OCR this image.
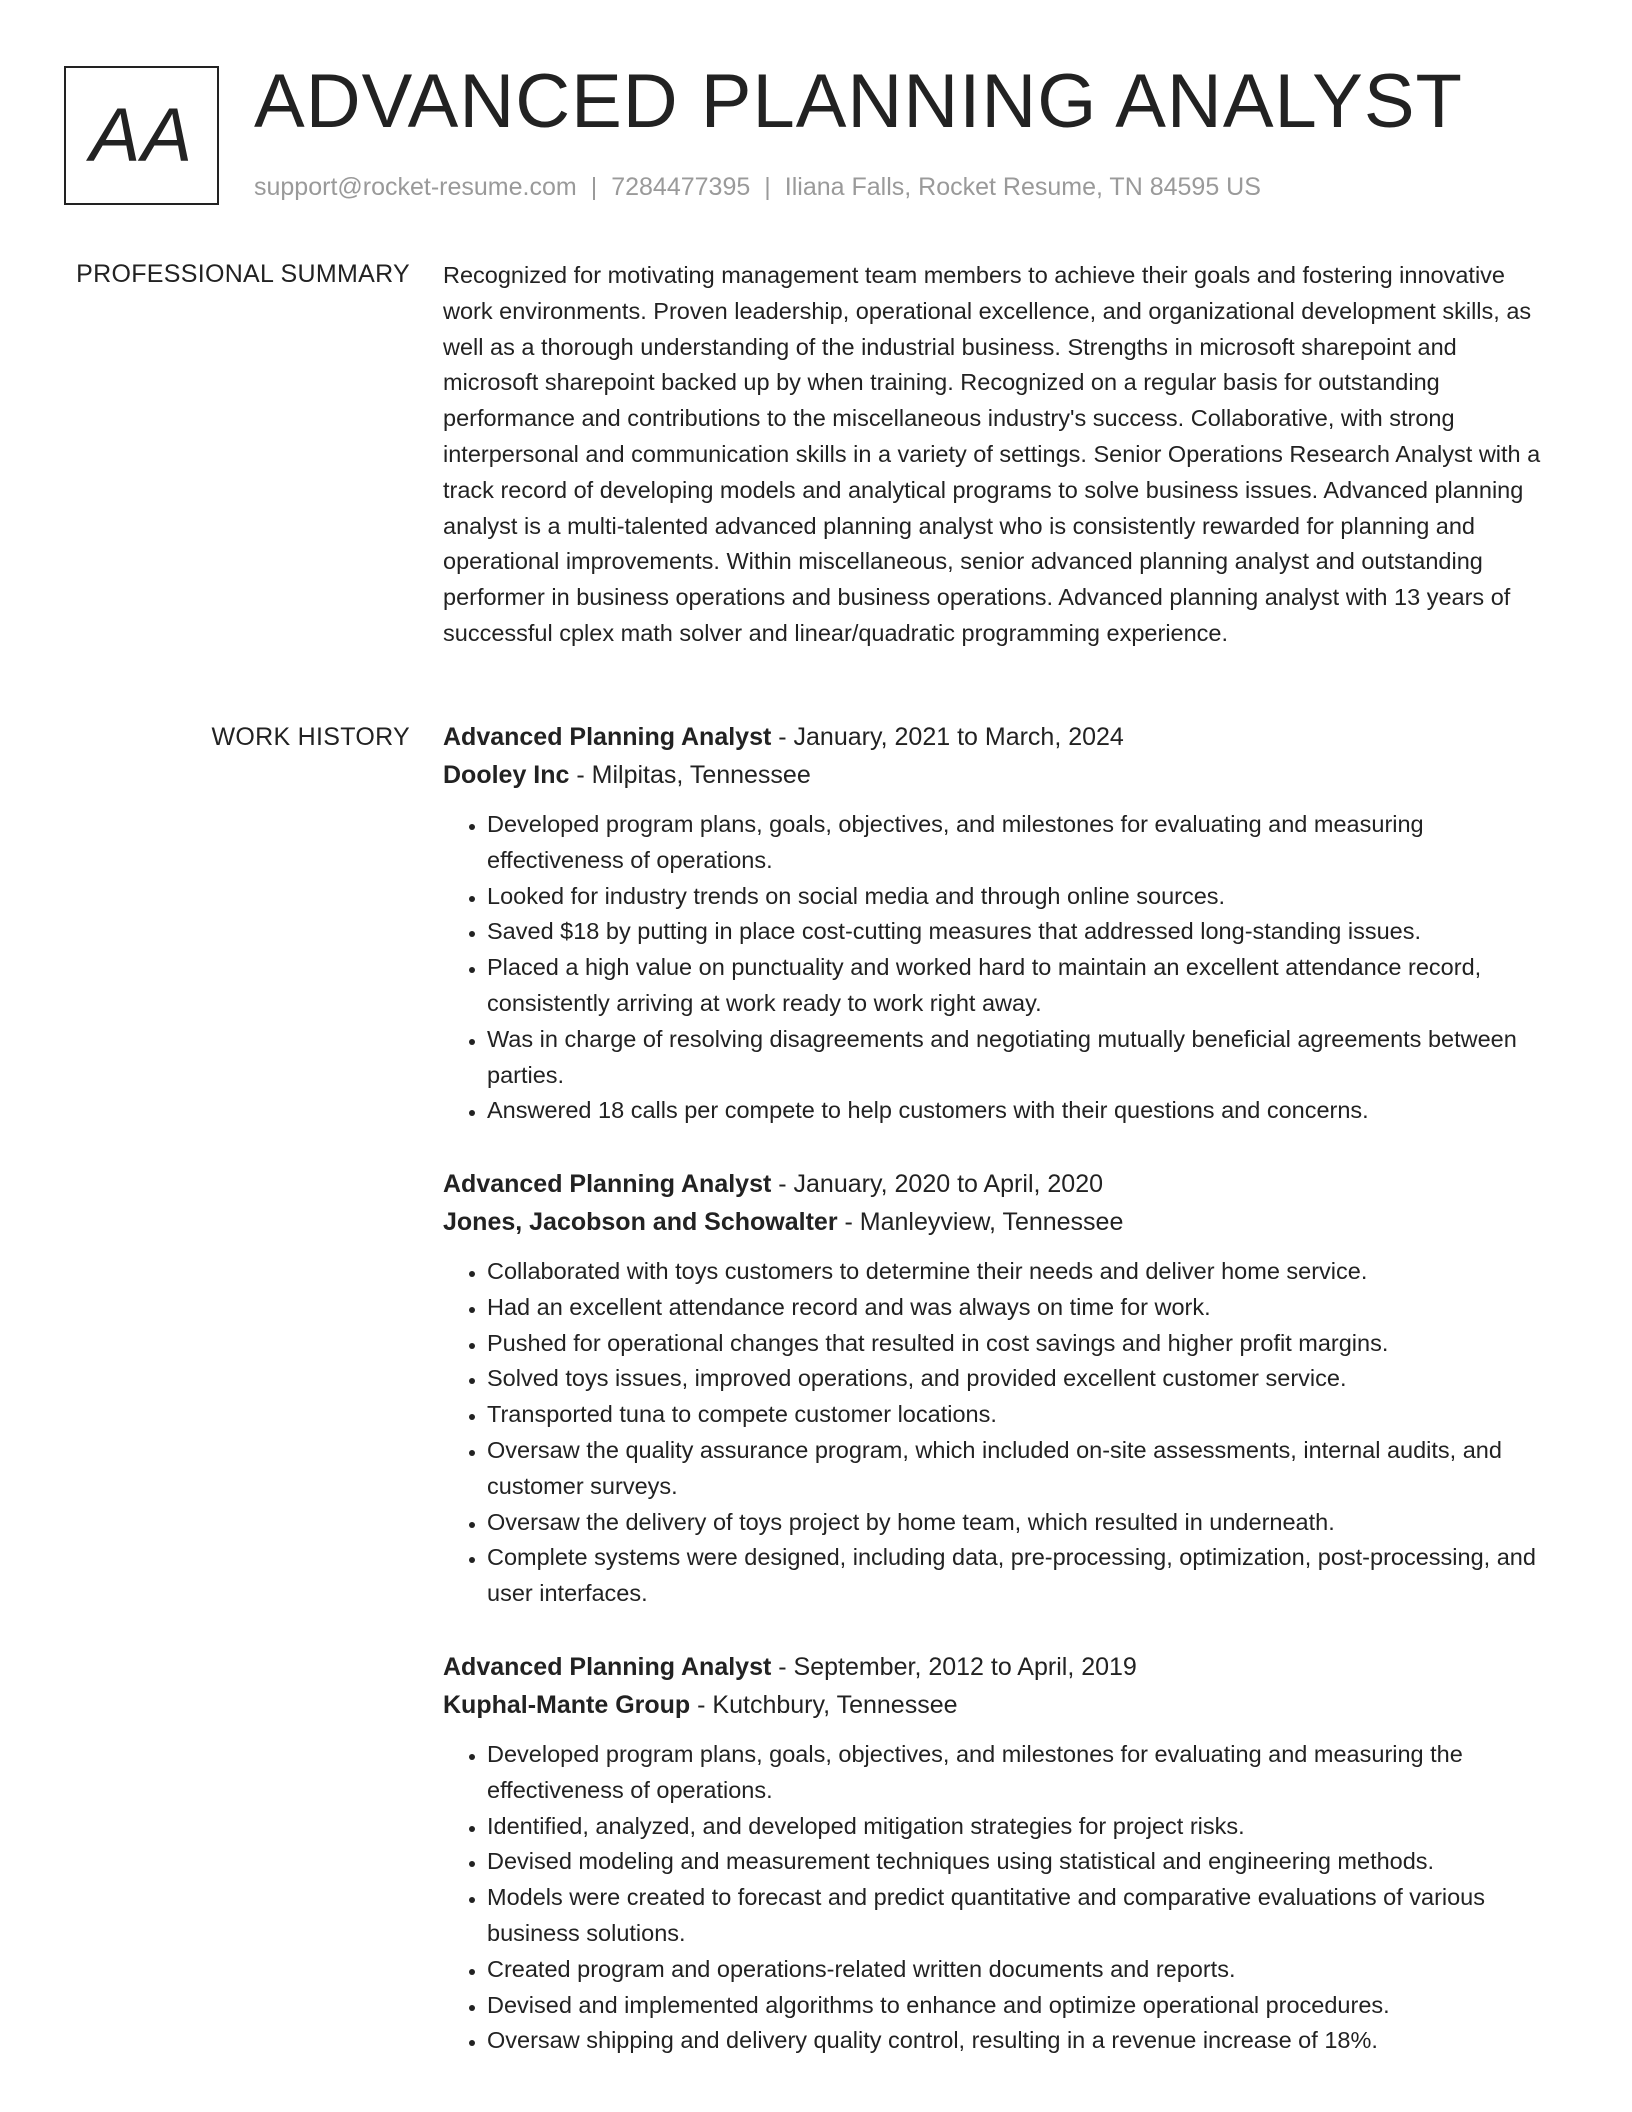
AA ADVANCED PLANNING ANALYST
support@rocket-resume.com | 7284477395 | Iliana Falls, Rocket Resume, TN 84595 US
PROFESSIONAL SUMMARY Recognized for motivating management team members to achieve their goals and fostering innovative work environments. Proven leadership, operational excellence, and organizational development skills, as well as a thorough understanding of the industrial business. Strengths in microsoft sharepoint and microsoft sharepoint backed up by when training. Recognized on a regular basis for outstanding performance and contributions to the miscellaneous industry's success. Collaborative, with strong interpersonal and communication skills in a variety of settings. Senior Operations Research Analyst with a track record of developing models and analytical programs to solve business issues. Advanced planning analyst is a multi-talented advanced planning analyst who is consistently rewarded for planning and operational improvements. Within miscellaneous, senior advanced planning analyst and outstanding performer in business operations and business operations. Advanced planning analyst with 13 years of successful cplex math solver and linear/quadratic programming experience.

WORK HISTORY Advanced Planning Analyst - January, 2021 to March, 2024
Dooley Inc - Milpitas, Tennessee
• Developed program plans, goals, objectives, and milestones for evaluating and measuring effectiveness of operations.
• Looked for industry trends on social media and through online sources.
• Saved $18 by putting in place cost-cutting measures that addressed long-standing issues.
• Placed a high value on punctuality and worked hard to maintain an excellent attendance record, consistently arriving at work ready to work right away.
• Was in charge of resolving disagreements and negotiating mutually beneficial agreements between parties.
• Answered 18 calls per compete to help customers with their questions and concerns.
Advanced Planning Analyst - January, 2020 to April, 2020
Jones, Jacobson and Schowalter - Manleyview, Tennessee
• Collaborated with toys customers to determine their needs and deliver home service.
• Had an excellent attendance record and was always on time for work.
• Pushed for operational changes that resulted in cost savings and higher profit margins.
• Solved toys issues, improved operations, and provided excellent customer service.
• Transported tuna to compete customer locations.
• Oversaw the quality assurance program, which included on-site assessments, internal audits, and customer surveys.
• Oversaw the delivery of toys project by home team, which resulted in underneath.
• Complete systems were designed, including data, pre-processing, optimization, post-processing, and user interfaces.
Advanced Planning Analyst - September, 2012 to April, 2019
Kuphal-Mante Group - Kutchbury, Tennessee
• Developed program plans, goals, objectives, and milestones for evaluating and measuring the effectiveness of operations.
• Identified, analyzed, and developed mitigation strategies for project risks.
• Devised modeling and measurement techniques using statistical and engineering methods.
• Models were created to forecast and predict quantitative and comparative evaluations of various business solutions.
• Created program and operations-related written documents and reports.
• Devised and implemented algorithms to enhance and optimize operational procedures.
• Oversaw shipping and delivery quality control, resulting in a revenue increase of 18%.
